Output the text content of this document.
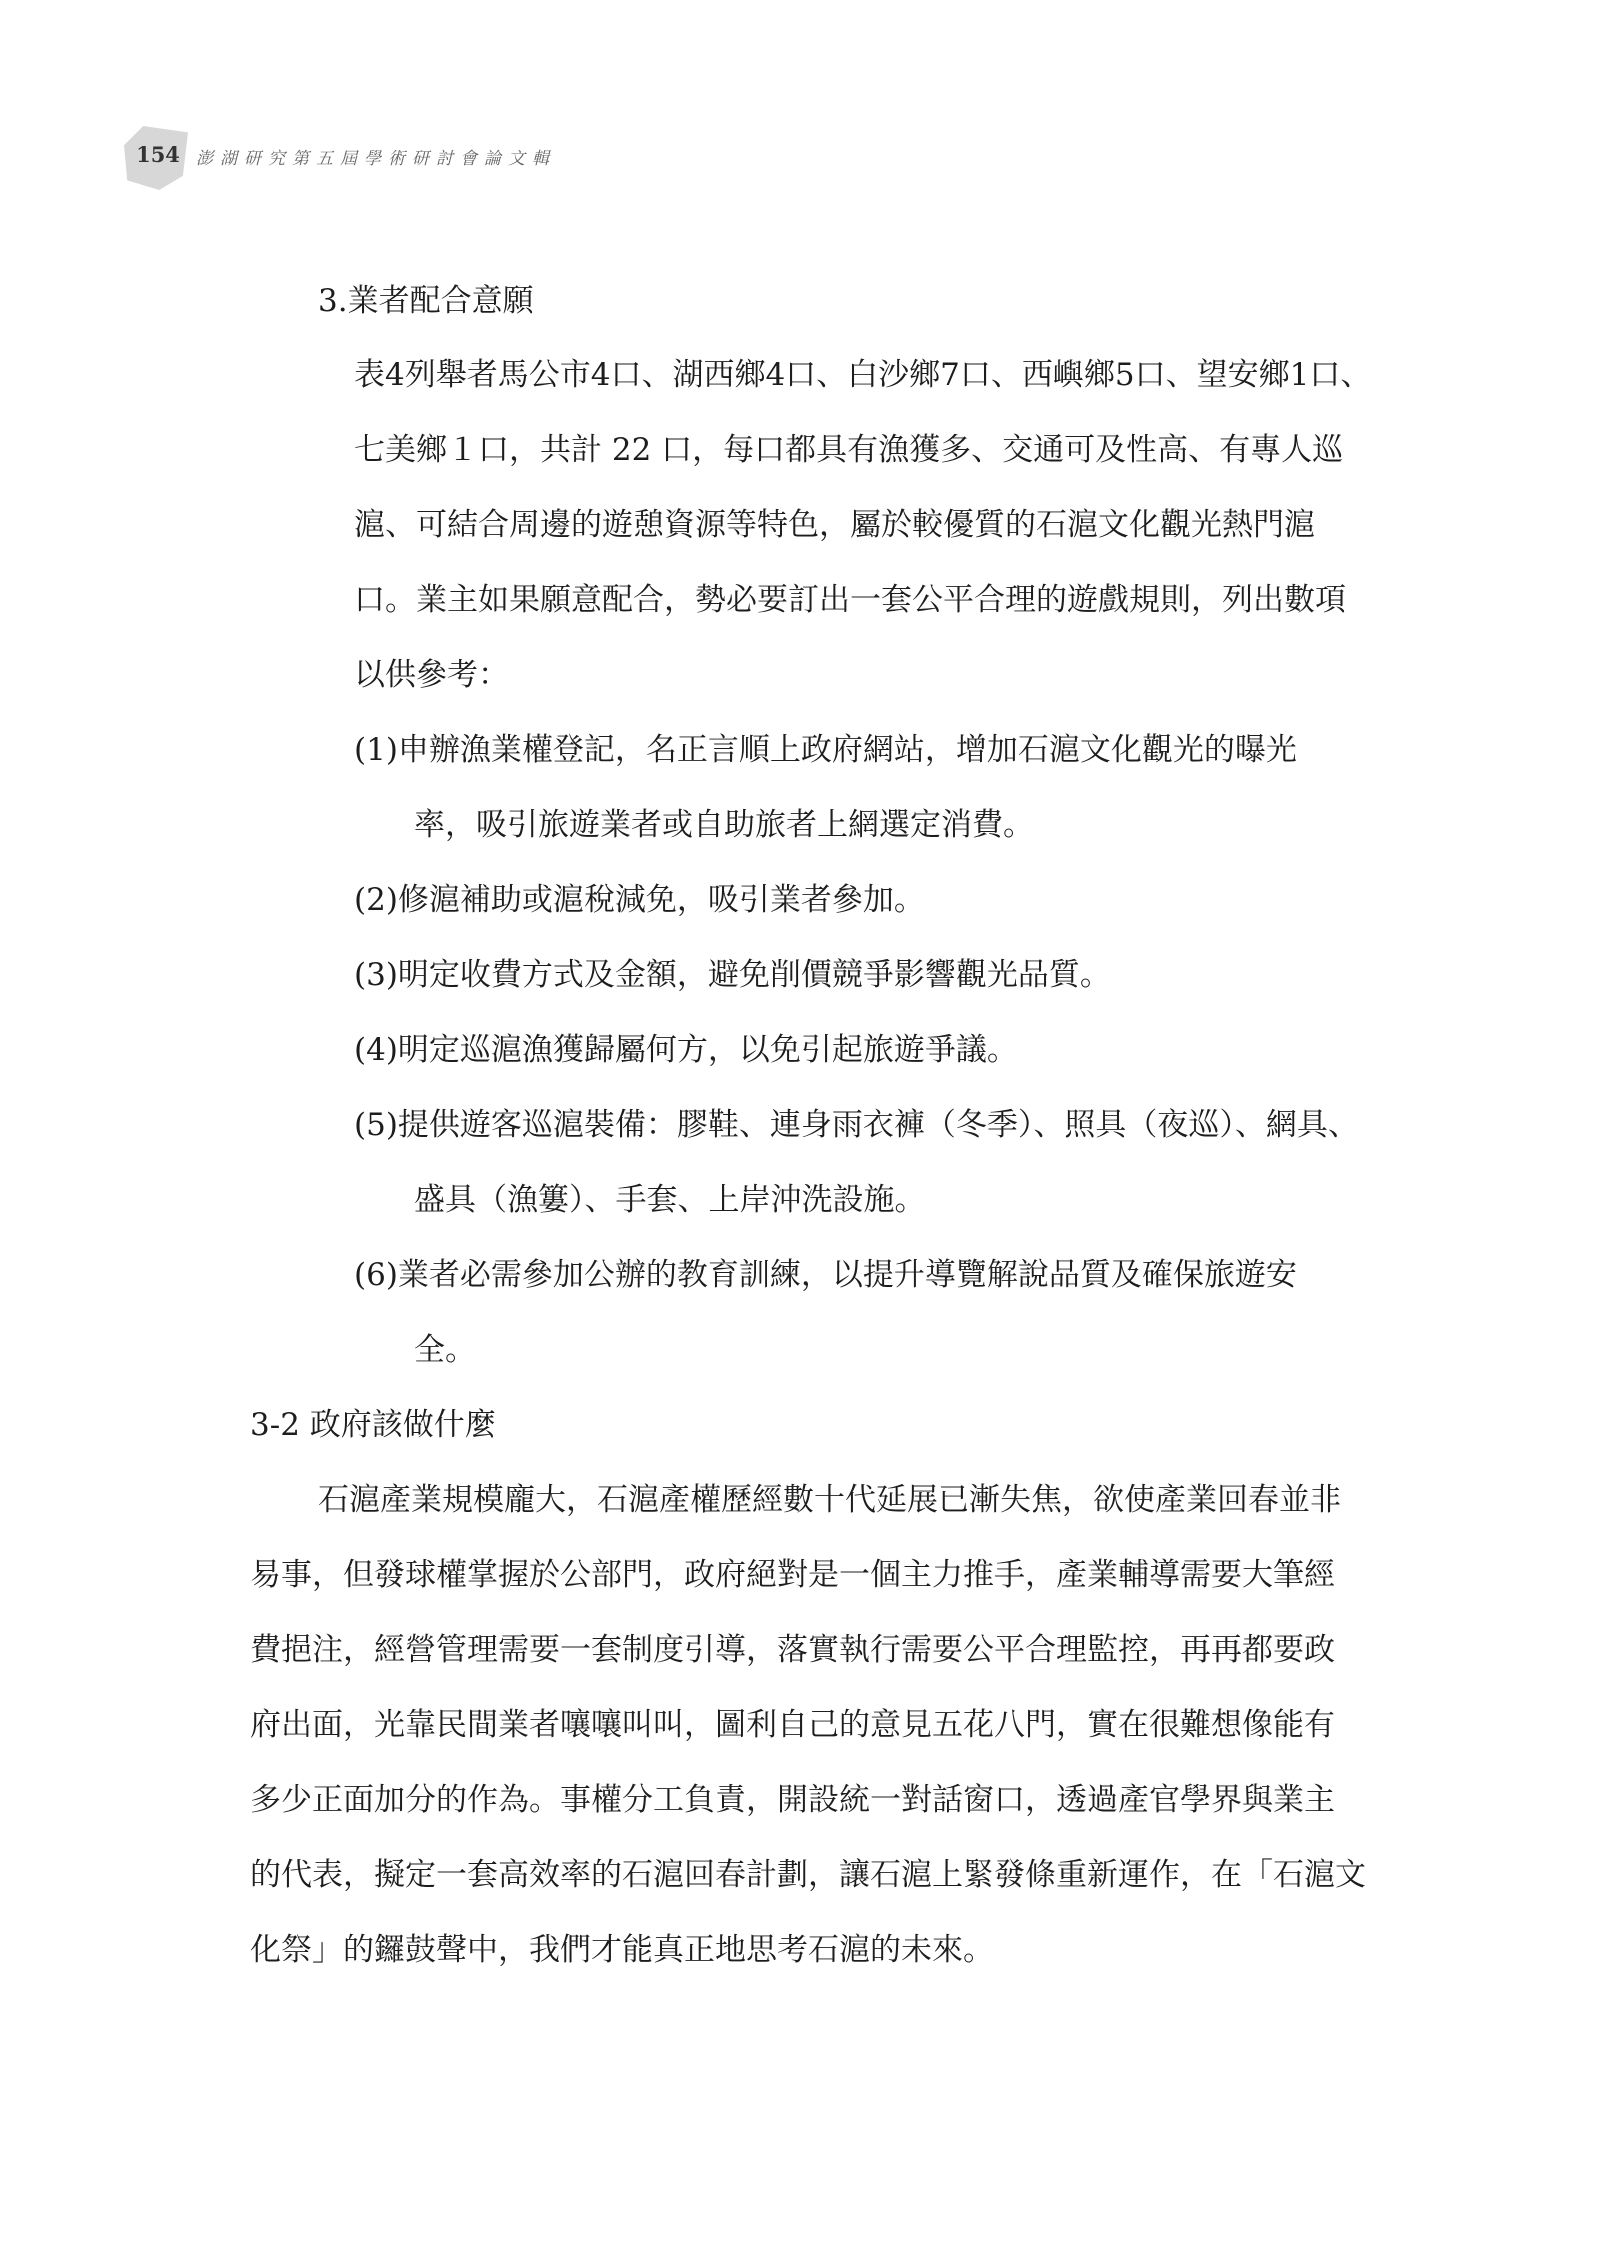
154 澎湖研究第五屆學術研討會論文輯
3.業者配合意願
表4列舉者馬公市4口、湖西鄉4口、白沙鄉7口、西嶼鄉5口、望安鄉1口、
七美鄉１口，共計 22 口，每口都具有漁獲多、交通可及性高、有專人巡
滬、可結合周邊的遊憩資源等特色，屬於較優質的石滬文化觀光熱門滬
口。業主如果願意配合，勢必要訂出一套公平合理的遊戲規則，列出數項
以供參考：
(1)申辦漁業權登記，名正言順上政府網站，增加石滬文化觀光的曝光
率，吸引旅遊業者或自助旅者上網選定消費。
(2)修滬補助或滬稅減免，吸引業者參加。
(3)明定收費方式及金額，避免削價競爭影響觀光品質。
(4)明定巡滬漁獲歸屬何方，以免引起旅遊爭議。
(5)提供遊客巡滬裝備：膠鞋、連身雨衣褲（冬季）、照具（夜巡）、網具、
盛具（漁簍）、手套、上岸沖洗設施。
(6)業者必需參加公辦的教育訓練，以提升導覽解說品質及確保旅遊安
全。
3-2 政府該做什麼
石滬產業規模龐大，石滬產權歷經數十代延展已漸失焦，欲使產業回春並非
易事，但發球權掌握於公部門，政府絕對是一個主力推手，產業輔導需要大筆經
費挹注，經營管理需要一套制度引導，落實執行需要公平合理監控，再再都要政
府出面，光靠民間業者嚷嚷叫叫，圖利自己的意見五花八門，實在很難想像能有
多少正面加分的作為。事權分工負責，開設統一對話窗口，透過產官學界與業主
的代表，擬定一套高效率的石滬回春計劃，讓石滬上緊發條重新運作，在「石滬文
化祭」的鑼鼓聲中，我們才能真正地思考石滬的未來。
